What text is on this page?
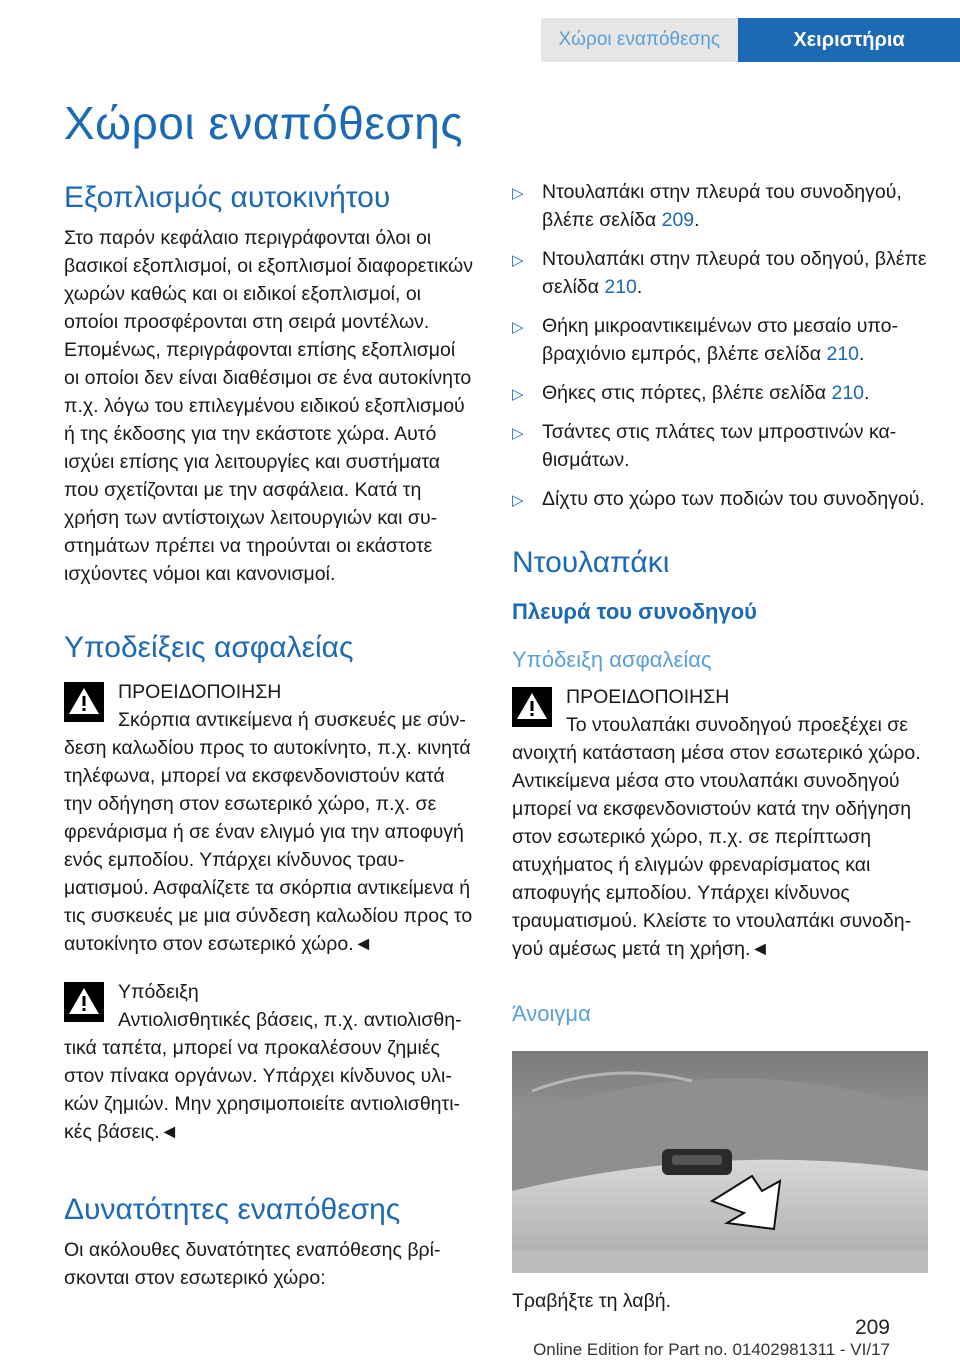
Χώροι εναπόθεσης	Χειριστήρια
Χώροι εναπόθεσης
Εξοπλισμός αυτοκινήτου

Στο παρόν κεφάλαιο περιγράφονται όλοι οι βασικοί εξοπλισμοί, οι εξοπλισμοί διαφορετικών χωρών καθώς και οι ειδικοί εξοπλισμοί, οι οποίοι προσφέρονται στη σειρά μοντέλων. Επομένως, περιγράφονται επίσης εξοπλισμοί οι οποίοι δεν είναι διαθέσιμοι σε ένα αυτοκίνητο π.χ. λόγω του επιλεγμένου ειδικού εξοπλισμού ή της έκδοσης για την εκάστοτε χώρα. Αυτό ισχύει επίσης για λειτουργίες και συστήματα που σχετίζονται με την ασφάλεια. Κατά τη χρήση των αντίστοιχων λειτουργιών και συστημάτων πρέπει να τηρούνται οι εκάστοτε ισχύοντες νόμοι και κανονισμοί.

Υποδείξεις ασφαλείας
ΠΡΟΕΙΔΟΠΟΙΗΣΗ
Σκόρπια αντικείμενα ή συσκευές με σύνδεση καλωδίου προς το αυτοκίνητο, π.χ. κινητά τηλέφωνα, μπορεί να εκσφενδονιστούν κατά την οδήγηση στον εσωτερικό χώρο, π.χ. σε φρενάρισμα ή σε έναν ελιγμό για την αποφυγή ενός εμποδίου. Υπάρχει κίνδυνος τραυματισμού. Ασφαλίζετε τα σκόρπια αντικείμενα ή τις συσκευές με μια σύνδεση καλωδίου προς το αυτοκίνητο στον εσωτερικό χώρο.◄
Υπόδειξη
Αντιολισθητικές βάσεις, π.χ. αντιολισθητικά ταπέτα, μπορεί να προκαλέσουν ζημιές στον πίνακα οργάνων. Υπάρχει κίνδυνος υλικών ζημιών. Μην χρησιμοποιείτε αντιολισθητικές βάσεις.◄
Δυνατότητες εναπόθεσης

Οι ακόλουθες δυνατότητες εναπόθεσης βρίσκονται στον εσωτερικό χώρο:

▷ Ντουλαπάκι στην πλευρά του συνοδηγού, βλέπε σελίδα 209.
▷ Ντουλαπάκι στην πλευρά του οδηγού, βλέπε σελίδα 210.
▷ Θήκη μικροαντικειμένων στο μεσαίο υποβραχιόνιο εμπρός, βλέπε σελίδα 210.
▷ Θήκες στις πόρτες, βλέπε σελίδα 210.
▷ Τσάντες στις πλάτες των μπροστινών καθισμάτων.
▷ Δίχτυ στο χώρο των ποδιών του συνοδηγού.
Ντουλαπάκι
Πλευρά του συνοδηγού
Υπόδειξη ασφαλείας
ΠΡΟΕΙΔΟΠΟΙΗΣΗ
Το ντουλαπάκι συνοδηγού προεξέχει σε ανοιχτή κατάσταση μέσα στον εσωτερικό χώρο. Αντικείμενα μέσα στο ντουλαπάκι συνοδηγού μπορεί να εκσφενδονιστούν κατά την οδήγηση στον εσωτερικό χώρο, π.χ. σε περίπτωση ατυχήματος ή ελιγμών φρεναρίσματος και αποφυγής εμποδίου. Υπάρχει κίνδυνος τραυματισμού. Κλείστε το ντουλαπάκι συνοδηγού αμέσως μετά τη χρήση.◄
Άνοιγμα

Τραβήξτε τη λαβή.

209
Online Edition for Part no. 01402981311 - VI/17
